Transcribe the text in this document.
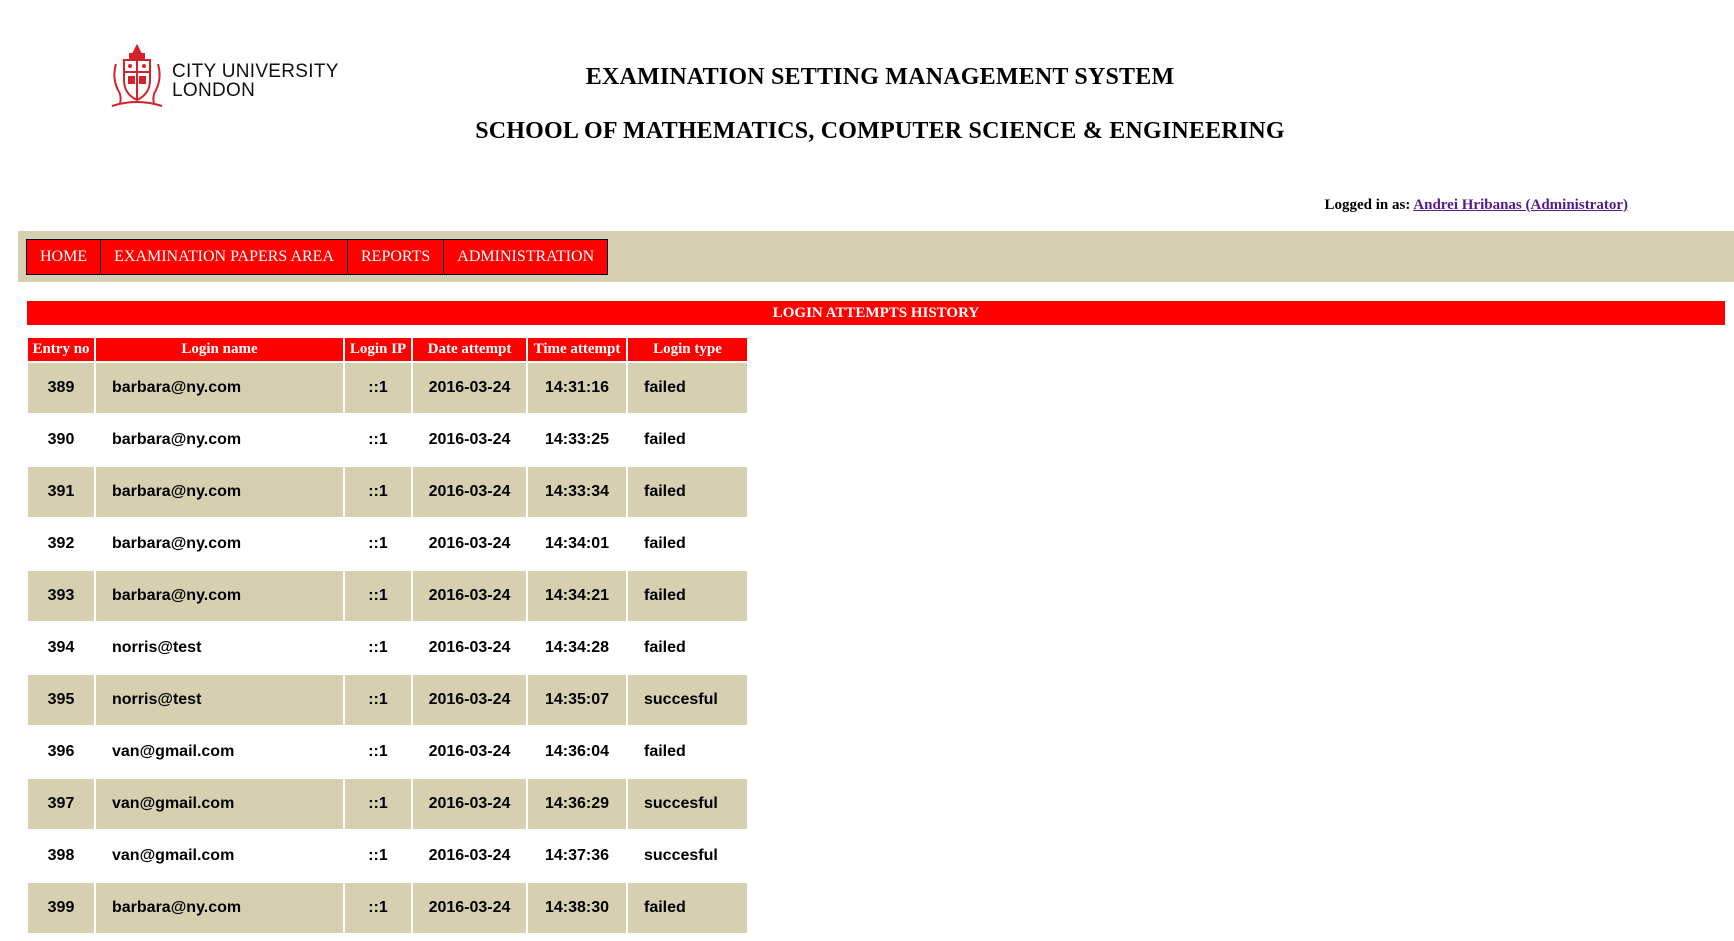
CITY UNIVERSITY
LONDON
EXAMINATION SETTING MANAGEMENT SYSTEM
SCHOOL OF MATHEMATICS, COMPUTER SCIENCE & ENGINEERING
Logged in as: Andrei Hribanas (Administrator)
HOME	EXAMINATION PAPERS AREA	REPORTS	ADMINISTRATION
LOGIN ATTEMPTS HISTORY
Entry no	Login name	Login IP	Date attempt	Time attempt	Login type
389	barbara@ny.com	::1	2016-03-24	14:31:16	failed
390	barbara@ny.com	::1	2016-03-24	14:33:25	failed
391	barbara@ny.com	::1	2016-03-24	14:33:34	failed
392	barbara@ny.com	::1	2016-03-24	14:34:01	failed
393	barbara@ny.com	::1	2016-03-24	14:34:21	failed
394	norris@test	::1	2016-03-24	14:34:28	failed
395	norris@test	::1	2016-03-24	14:35:07	succesful
396	van@gmail.com	::1	2016-03-24	14:36:04	failed
397	van@gmail.com	::1	2016-03-24	14:36:29	succesful
398	van@gmail.com	::1	2016-03-24	14:37:36	succesful
399	barbara@ny.com	::1	2016-03-24	14:38:30	failed
